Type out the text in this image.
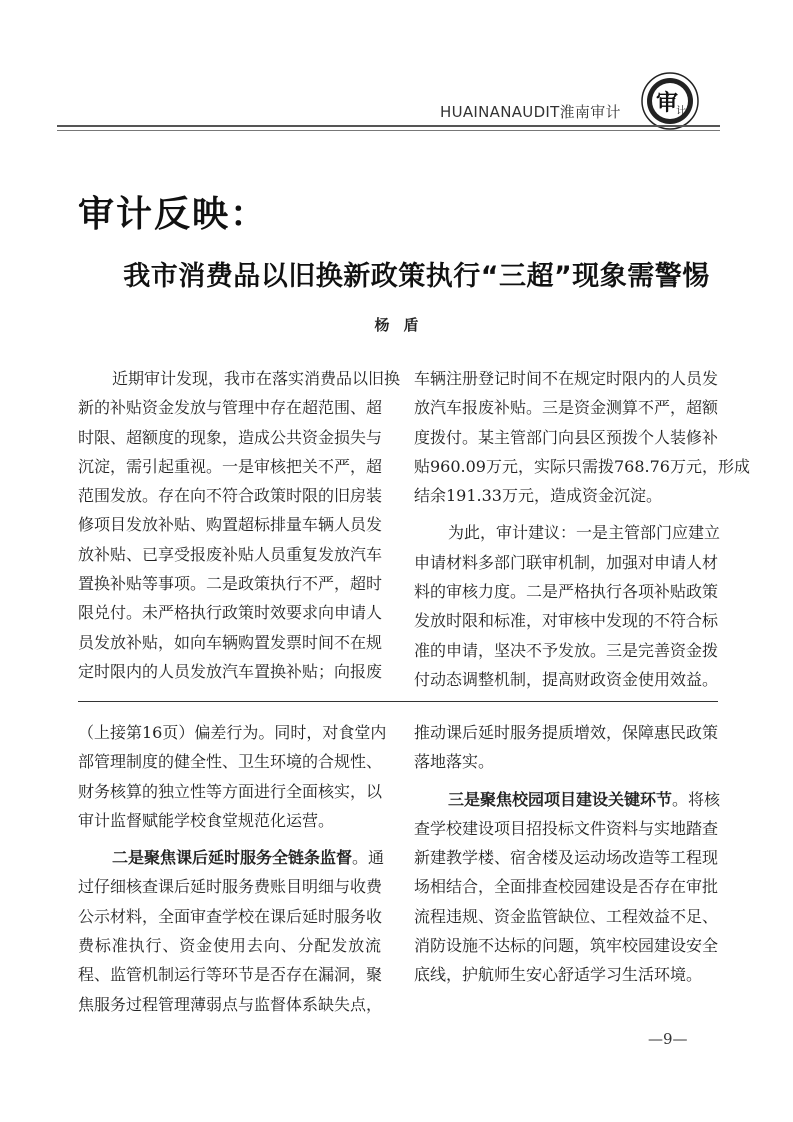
HUAINANAUDIT淮南审计 审
计
审计反映：
我市消费品以旧换新政策执行“三超”现象需警惕
杨盾
近期审计发现，我市在落实消费品以旧换
新的补贴资金发放与管理中存在超范围、超
时限、超额度的现象，造成公共资金损失与
沉淀，需引起重视。一是审核把关不严，超
范围发放。存在向不符合政策时限的旧房装
修项目发放补贴、购置超标排量车辆人员发
放补贴、已享受报废补贴人员重复发放汽车
置换补贴等事项。二是政策执行不严，超时
限兑付。未严格执行政策时效要求向申请人
员发放补贴，如向车辆购置发票时间不在规
定时限内的人员发放汽车置换补贴；向报废
车辆注册登记时间不在规定时限内的人员发
放汽车报废补贴。三是资金测算不严，超额
度拨付。某主管部门向县区预拨个人装修补
贴960.09万元，实际只需拨768.76万元，形成
结余191.33万元，造成资金沉淀。
为此，审计建议：一是主管部门应建立
申请材料多部门联审机制，加强对申请人材
料的审核力度。二是严格执行各项补贴政策
发放时限和标准，对审核中发现的不符合标
准的申请，坚决不予发放。三是完善资金拨
付动态调整机制，提高财政资金使用效益。
（上接第16页）偏差行为。同时，对食堂内
部管理制度的健全性、卫生环境的合规性、
财务核算的独立性等方面进行全面核实，以
审计监督赋能学校食堂规范化运营。
二是聚焦课后延时服务全链条监督。通
过仔细核查课后延时服务费账目明细与收费
公示材料，全面审查学校在课后延时服务收
费标准执行、资金使用去向、分配发放流
程、监管机制运行等环节是否存在漏洞，聚
焦服务过程管理薄弱点与监督体系缺失点，
推动课后延时服务提质增效，保障惠民政策
落地落实。
三是聚焦校园项目建设关键环节。将核
查学校建设项目招投标文件资料与实地踏查
新建教学楼、宿舍楼及运动场改造等工程现
场相结合，全面排查校园建设是否存在审批
流程违规、资金监管缺位、工程效益不足、
消防设施不达标的问题，筑牢校园建设安全
底线，护航师生安心舒适学习生活环境。
—9—
